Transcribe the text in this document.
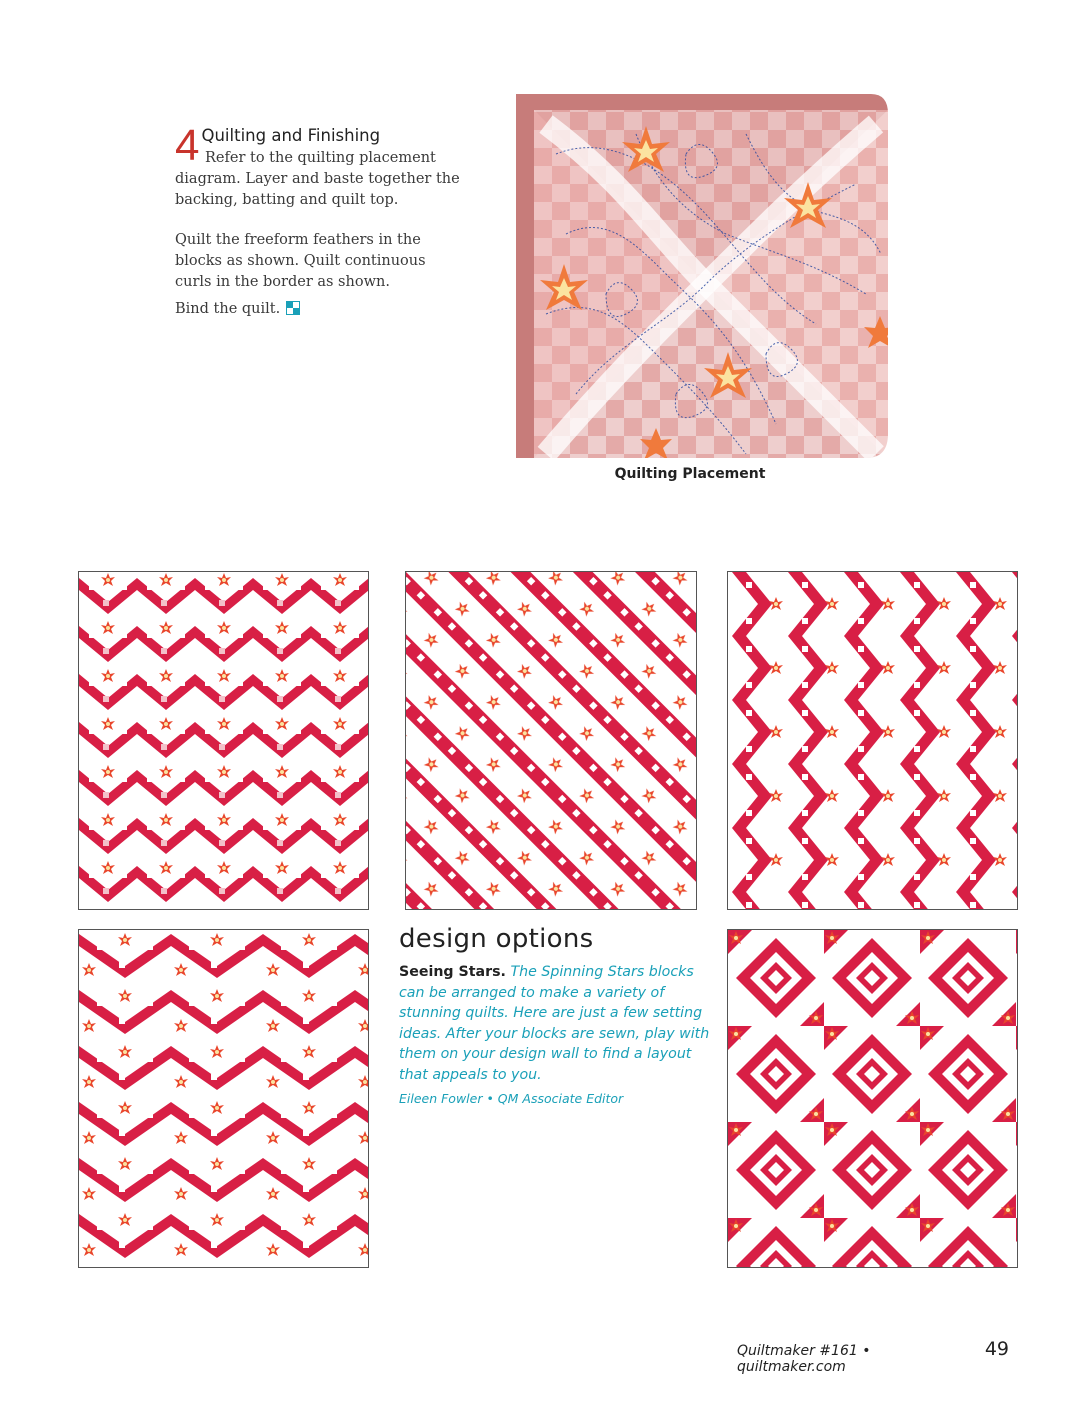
4 Quilting and Finishing
Refer to the quilting placement
diagram. Layer and baste together the backing, batting and quilt top.

Quilt the freeform feathers in the blocks as shown. Quilt continuous curls in the border as shown.

Bind the quilt.

Quilting Placement
design options

Seeing Stars. The Spinning Stars blocks can be arranged to make a variety of stunning quilts. Here are just a few setting ideas. After your blocks are sewn, play with them on your design wall to find a layout that appeals to you.

Eileen Fowler • QM Associate Editor

Quiltmaker #161 • quiltmaker.com
49
